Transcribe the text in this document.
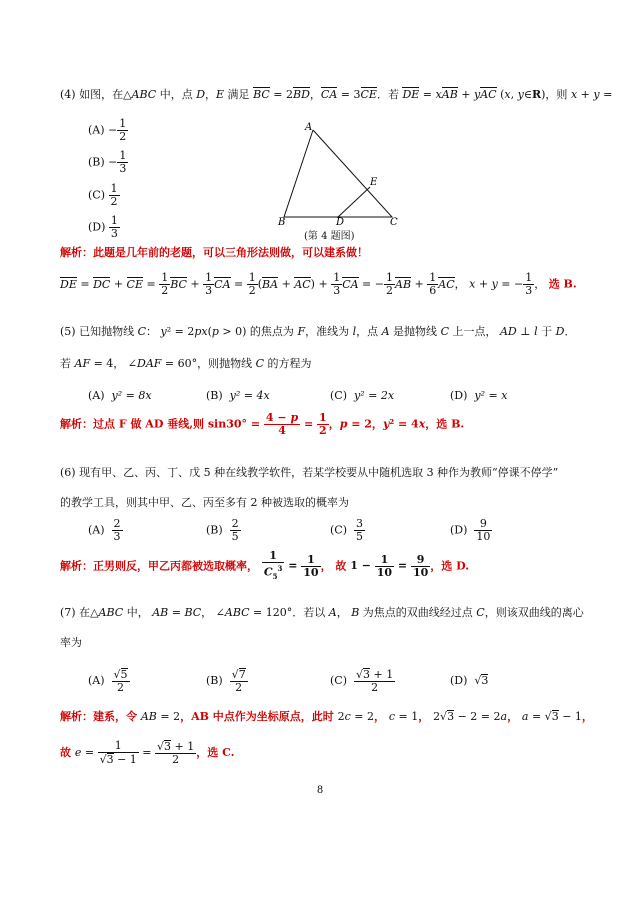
(4) 如图，在△ABC 中，点 D，E 满足 BC = 2BD，CA = 3CE．若 DE = xAB + yAC (x, y∈R)，则 x + y =
$(A) - \frac{1}{2}$
$(B) - \frac{1}{3}$
$(C) \frac{1}{2}$
$(D) \frac{1}{3}$
A
B	C
D
E
(第 4 题图)
解析：此题是几年前的老题，可以三角形法则做，可以建系做！
DE = DC + CE = $\frac{1}{2}$ BC + $\frac{1}{3}$ CA = $\frac{1}{2} (BA + AC) + \frac{1}{3}$ CA = − $\frac{1}{2}$ AB + $\frac{1}{6}$ AC， x + y = − $\frac{1}{3}$ ， 选 B.
(5) 已知抛物线 C： y² = 2px(p > 0) 的焦点为 F，准线为 l，点 A 是抛物线 C 上一点， AD ⊥ l 于 D．
若 AF = 4， ∠DAF = 60°，则抛物线 C 的方程为
(A) y² = 8x	(B) y² = 4x	(C) y² = 2x	(D) y² = x
解析：过点 F 做 AD 垂线,则 $\sin 30^\circ = \frac{4 - p}{4} = \frac{1}{2}$ ，p = 2，y² = 4x，选 B.
(6) 现有甲、乙、丙、丁、戊 5 种在线教学软件，若某学校要从中随机选取 3 种作为教师“停课不停学”
的教学工具，则其中甲、乙、丙至多有 2 种被选取的概率为
$(A) \frac{2}{3}$	$(B) \frac{2}{5}$	$(C) \frac{3}{5}$	$(D) \frac{9}{10}$
解析：正男则反，甲乙丙都被选取概率， $\frac{1}{C_5^3} = \frac{1}{10}$ ， 故 $1 - \frac{1}{10} = \frac{9}{10}$ ，选 D.
(7) 在△ABC 中， AB = BC， ∠ABC = 120°．若以 A， B 为焦点的双曲线经过点 C，则该双曲线的离心
率为
$(A) \frac{√5}{2}$	$(B) \frac{√7}{2}$	$(C) \frac{√3 + 1}{2}$	(D)  √3
解析：建系，令 AB = 2，AB 中点作为坐标原点，此时 2c = 2， c = 1， 2√3 − 2 = 2a， a = √3 − 1，
故 $e = \frac{1}{√3 - 1} = \frac{√3 + 1}{2}$ ，选 C.
8
